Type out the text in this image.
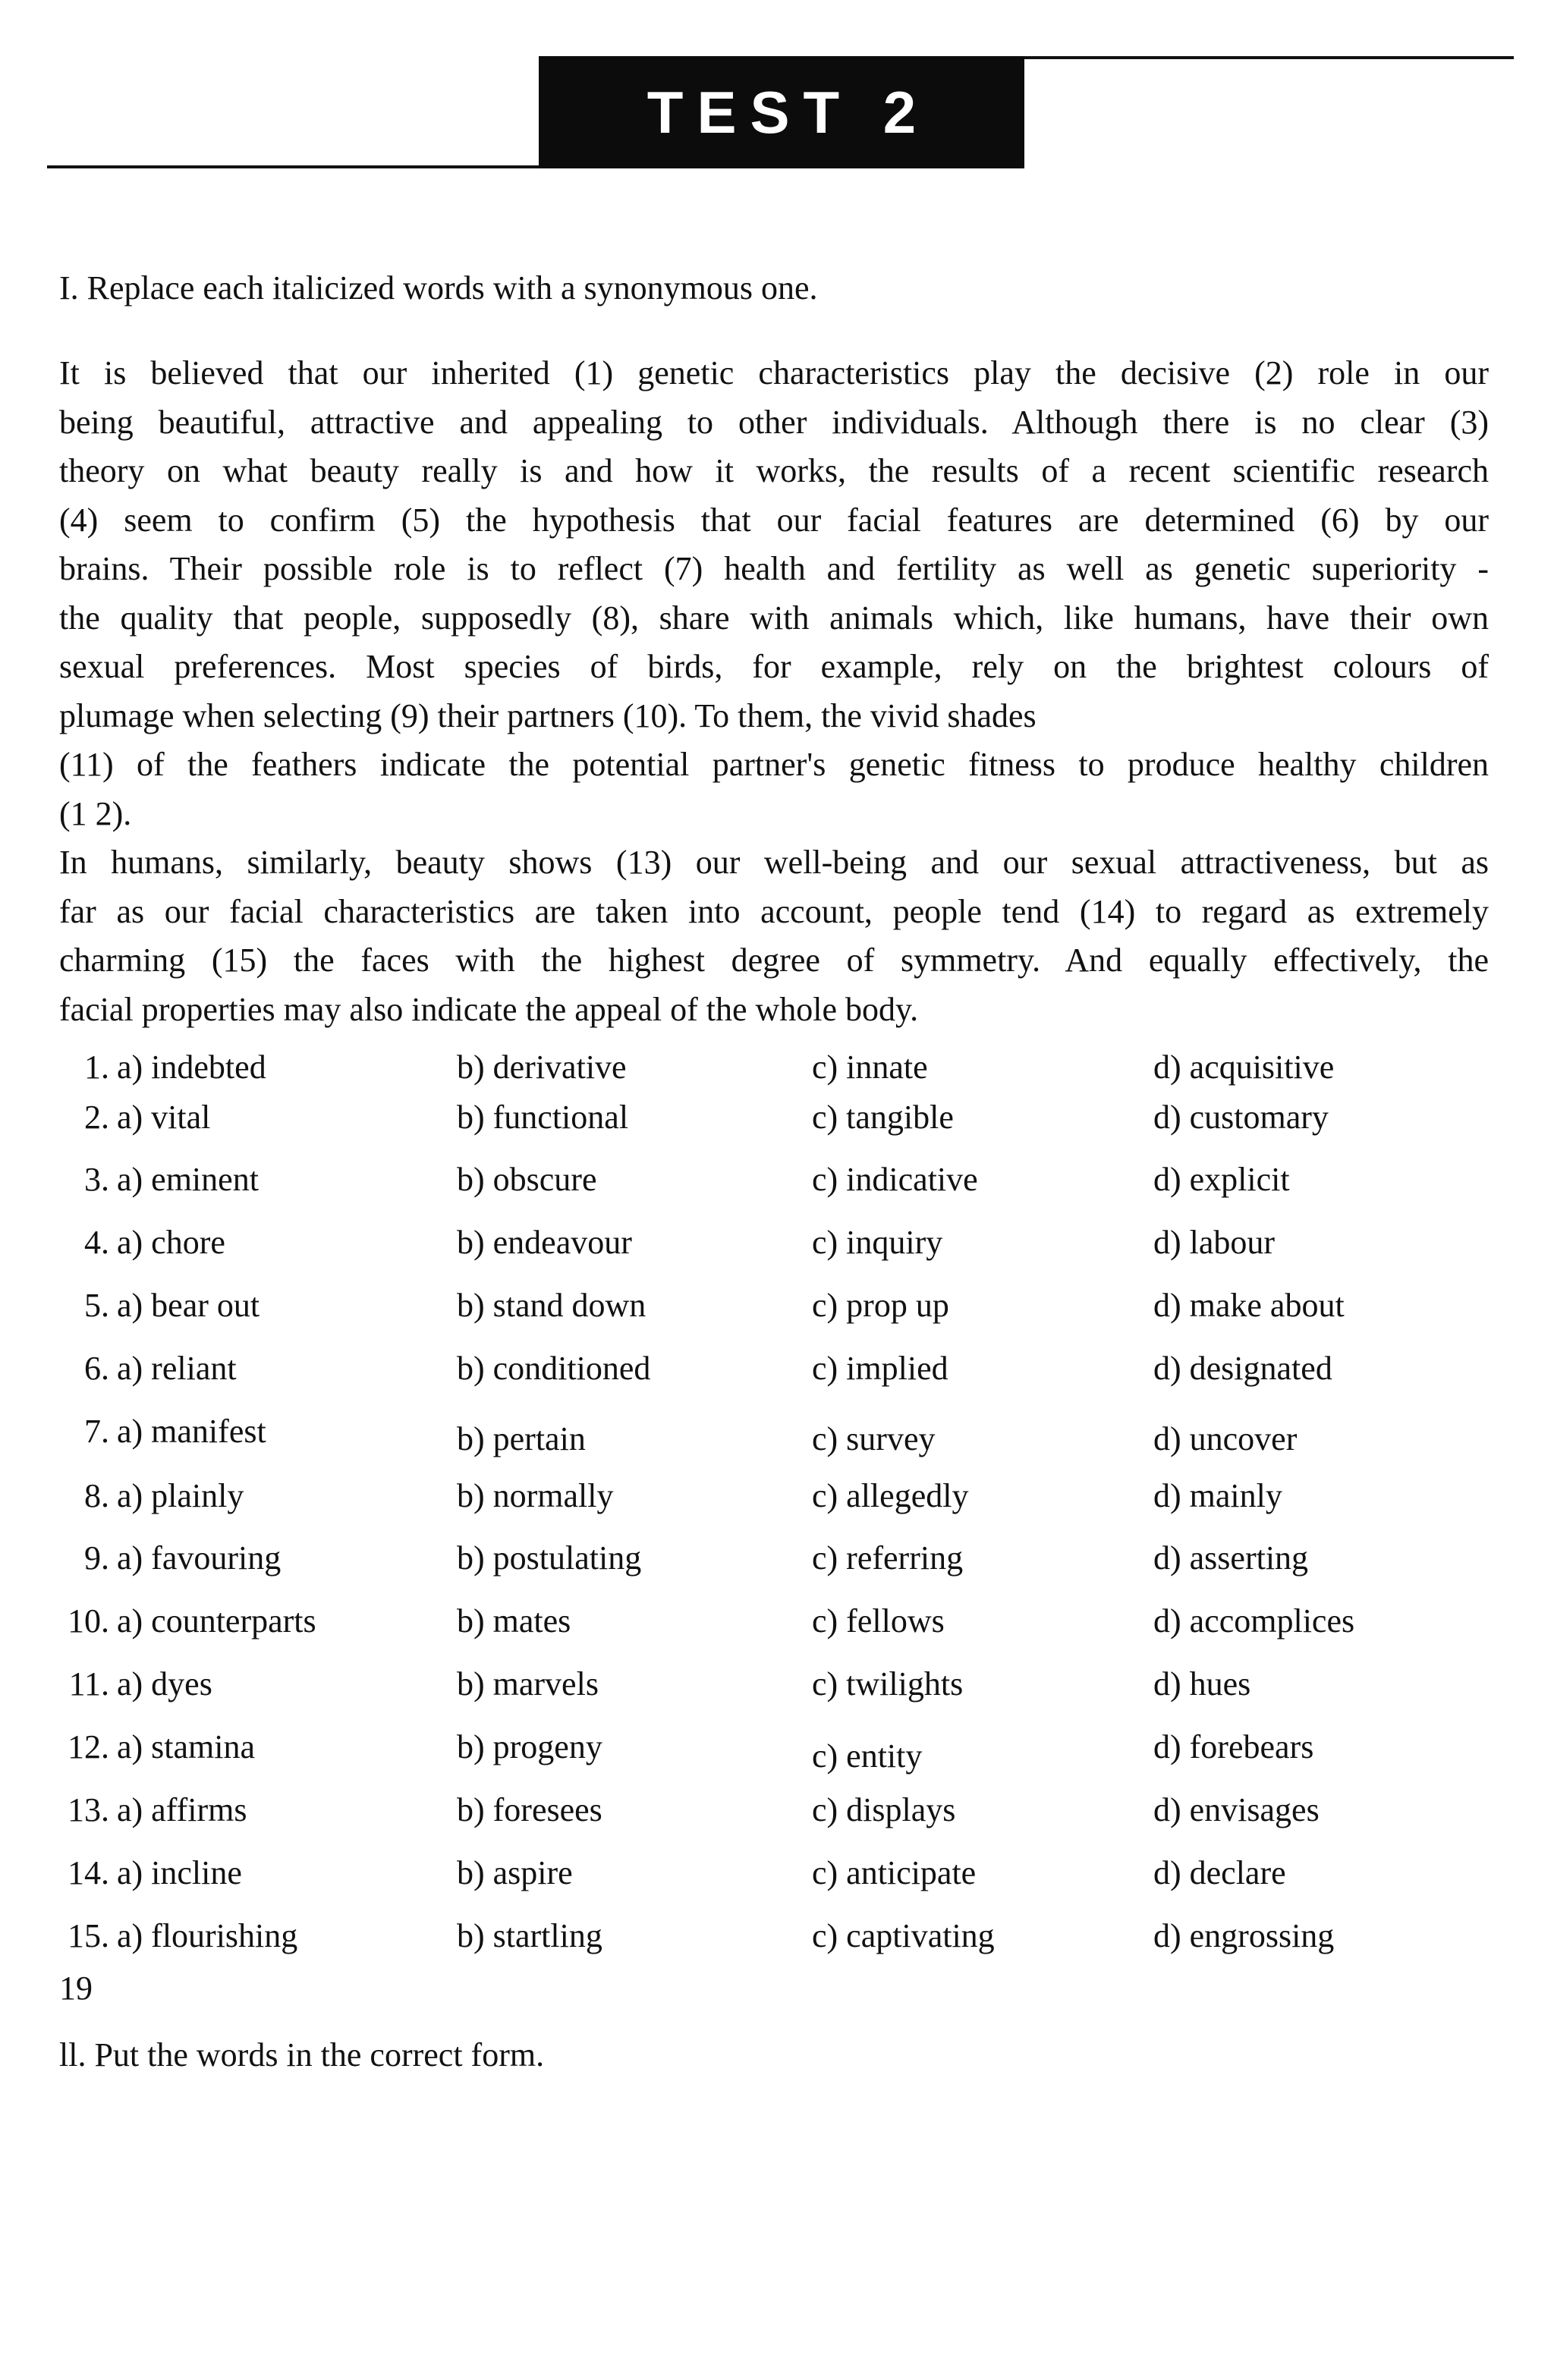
TEST 2
I. Replace each italicized words with a synonymous one.

It is believed that our inherited (1) genetic characteristics play the decisive (2) role in our
being beautiful, attractive and appealing to other individuals. Although there is no clear (3)
theory on what beauty really is and how it works, the results of a recent scientific research
(4) seem to confirm (5) the hypothesis that our facial features are determined (6) by our
brains. Their possible role is to reflect (7) health and fertility as well as genetic superiority -
the quality that people, supposedly (8), share with animals which, like humans, have their own
sexual preferences. Most species of birds, for example, rely on the brightest colours of
plumage when selecting (9) their partners (10). To them, the vivid shades
(11) of the feathers indicate the potential partner's genetic fitness to produce healthy children
(1 2).

In humans, similarly, beauty shows (13) our well-being and our sexual attractiveness, but as
far as our facial characteristics are taken into account, people tend (14) to regard as extremely
charming (15) the faces with the highest degree of symmetry. And equally effectively, the
facial properties may also indicate the appeal of the whole body.

1. a) indebted	b) derivative	c) innate	d) acquisitive
2. a) vital	b) functional	c) tangible	d) customary
3. a) eminent	b) obscure	c) indicative	d) explicit
4. a) chore	b) endeavour	c) inquiry	d) labour
5. a) bear out	b) stand down	c) prop up	d) make about
6. a) reliant	b) conditioned	c) implied	d) designated
7. a) manifest	b) pertain	c) survey	d) uncover
8. a) plainly	b) normally	c) allegedly	d) mainly
9. a) favouring	b) postulating	c) referring	d) asserting
10. a) counterparts	b) mates	c) fellows	d) accomplices
11. a) dyes	b) marvels	c) twilights	d) hues
12. a) stamina	b) progeny	c) entity	d) forebears
13. a) affirms	b) foresees	c) displays	d) envisages
14. a) incline	b) aspire	c) anticipate	d) declare
15. a) flourishing	b) startling	c) captivating	d) engrossing
19
ll. Put the words in the correct form.
